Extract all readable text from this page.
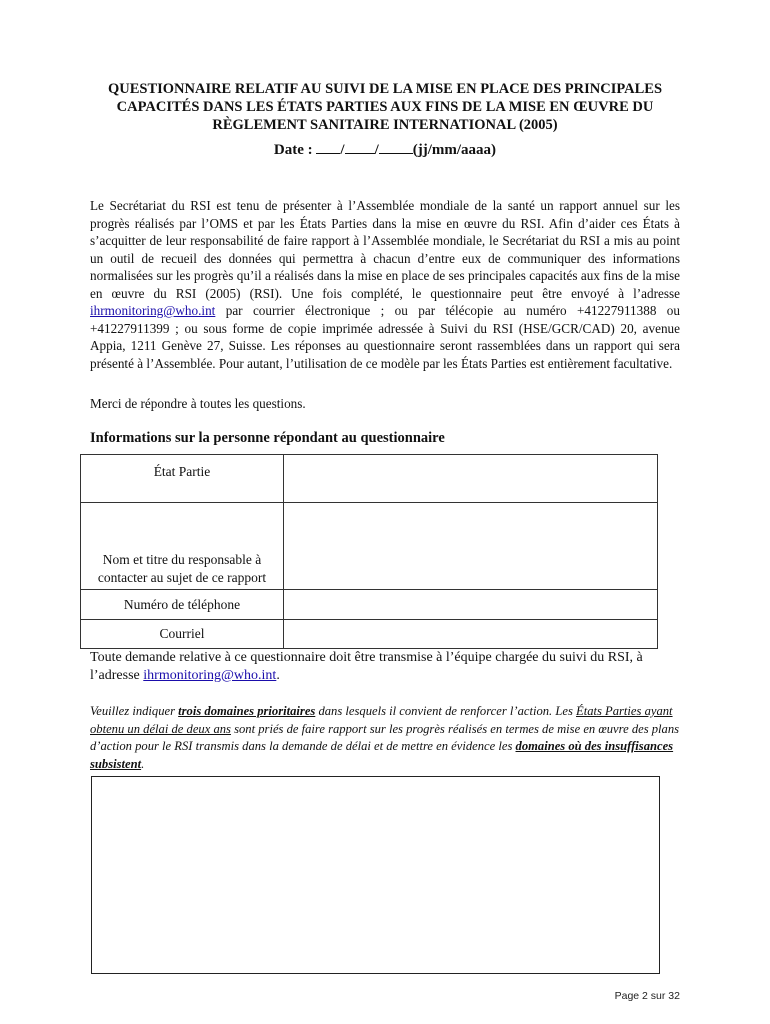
QUESTIONNAIRE RELATIF AU SUIVI DE LA MISE EN PLACE DES PRINCIPALES
CAPACITÉS DANS LES ÉTATS PARTIES AUX FINS DE LA MISE EN ŒUVRE DU
RÈGLEMENT SANITAIRE INTERNATIONAL (2005)
Date : / / (jj/mm/aaaa)
Le Secrétariat du RSI est tenu de présenter à l’Assemblée mondiale de la santé un rapport annuel sur les progrès réalisés par l’OMS et par les États Parties dans la mise en œuvre du RSI. Afin d’aider ces États à s’acquitter de leur responsabilité de faire rapport à l’Assemblée mondiale, le Secrétariat du RSI a mis au point un outil de recueil des données qui permettra à chacun d’entre eux de communiquer des informations normalisées sur les progrès qu’il a réalisés dans la mise en place de ses principales capacités aux fins de la mise en œuvre du RSI (2005) (RSI). Une fois complété, le questionnaire peut être envoyé à l’adresse ihrmonitoring@who.int par courrier électronique ; ou par télécopie au numéro +41227911388 ou +41227911399 ; ou sous forme de copie imprimée adressée à Suivi du RSI (HSE/GCR/CAD) 20, avenue Appia, 1211 Genève 27, Suisse. Les réponses au questionnaire seront rassemblées dans un rapport qui sera présenté à l’Assemblée. Pour autant, l’utilisation de ce modèle par les États Parties est entièrement facultative.
Merci de répondre à toutes les questions.
Informations sur la personne répondant au questionnaire
État Partie	
Nom et titre du responsable à contacter au sujet de ce rapport	
Numéro de téléphone	
Courriel	
Toute demande relative à ce questionnaire doit être transmise à l’équipe chargée du suivi du RSI, à l’adresse ihrmonitoring@who.int.
Veuillez indiquer trois domaines prioritaires dans lesquels il convient de renforcer l’action. Les États Parties ayant obtenu un délai de deux ans sont priés de faire rapport sur les progrès réalisés en termes de mise en œuvre des plans d’action pour le RSI transmis dans la demande de délai et de mettre en évidence les domaines où des insuffisances subsistent.
Page 2 sur 32
